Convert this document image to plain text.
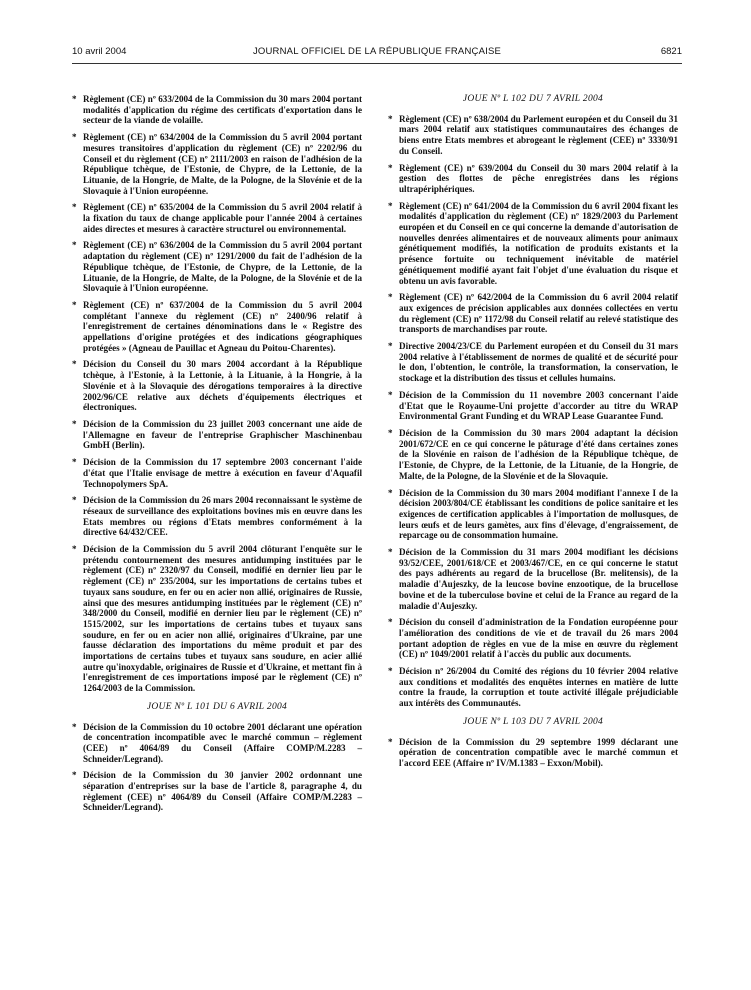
10 avril 2004	JOURNAL OFFICIEL DE LA RÉPUBLIQUE FRANÇAISE	6821
* Règlement (CE) nº 633/2004 de la Commission du 30 mars 2004 portant modalités d'application du régime des certificats d'exportation dans le secteur de la viande de volaille.
* Règlement (CE) nº 634/2004 de la Commission du 5 avril 2004 portant mesures transitoires d'application du règlement (CE) nº 2202/96 du Conseil et du règlement (CE) nº 2111/2003 en raison de l'adhésion de la République tchèque, de l'Estonie, de Chypre, de la Lettonie, de la Lituanie, de la Hongrie, de Malte, de la Pologne, de la Slovénie et de la Slovaquie à l'Union européenne.
* Règlement (CE) nº 635/2004 de la Commission du 5 avril 2004 relatif à la fixation du taux de change applicable pour l'année 2004 à certaines aides directes et mesures à caractère structurel ou environnemental.
* Règlement (CE) nº 636/2004 de la Commission du 5 avril 2004 portant adaptation du règlement (CE) nº 1291/2000 du fait de l'adhésion de la République tchèque, de l'Estonie, de Chypre, de la Lettonie, de la Lituanie, de la Hongrie, de Malte, de la Pologne, de la Slovénie et de la Slovaquie à l'Union européenne.
* Règlement (CE) nº 637/2004 de la Commission du 5 avril 2004 complétant l'annexe du règlement (CE) nº 2400/96 relatif à l'enregistrement de certaines dénominations dans le « Registre des appellations d'origine protégées et des indications géographiques protégées » (Agneau de Pauillac et Agneau du Poitou-Charentes).
* Décision du Conseil du 30 mars 2004 accordant à la République tchèque, à l'Estonie, à la Lettonie, à la Lituanie, à la Hongrie, à la Slovénie et à la Slovaquie des dérogations temporaires à la directive 2002/96/CE relative aux déchets d'équipements électriques et électroniques.
* Décision de la Commission du 23 juillet 2003 concernant une aide de l'Allemagne en faveur de l'entreprise Graphischer Maschinenbau GmbH (Berlin).
* Décision de la Commission du 17 septembre 2003 concernant l'aide d'état que l'Italie envisage de mettre à exécution en faveur d'Aquafil Technopolymers SpA.
* Décision de la Commission du 26 mars 2004 reconnaissant le système de réseaux de surveillance des exploitations bovines mis en œuvre dans les Etats membres ou régions d'Etats membres conformément à la directive 64/432/CEE.
* Décision de la Commission du 5 avril 2004 clôturant l'enquête sur le prétendu contournement des mesures antidumping instituées par le règlement (CE) nº 2320/97 du Conseil, modifié en dernier lieu par le règlement (CE) nº 235/2004, sur les importations de certains tubes et tuyaux sans soudure, en fer ou en acier non allié, originaires de Russie, ainsi que des mesures antidumping instituées par le règlement (CE) nº 348/2000 du Conseil, modifié en dernier lieu par le règlement (CE) nº 1515/2002, sur les importations de certains tubes et tuyaux sans soudure, en fer ou en acier non allié, originaires d'Ukraine, par une fausse déclaration des importations du même produit et par des importations de certains tubes et tuyaux sans soudure, en acier allié autre qu'inoxydable, originaires de Russie et d'Ukraine, et mettant fin à l'enregistrement de ces importations imposé par le règlement (CE) nº 1264/2003 de la Commission.
JOUE Nº L 101 DU 6 AVRIL 2004
* Décision de la Commission du 10 octobre 2001 déclarant une opération de concentration incompatible avec le marché commun – règlement (CEE) nº 4064/89 du Conseil (Affaire COMP/M.2283 – Schneider/Legrand).
* Décision de la Commission du 30 janvier 2002 ordonnant une séparation d'entreprises sur la base de l'article 8, paragraphe 4, du règlement (CEE) nº 4064/89 du Conseil (Affaire COMP/M.2283 – Schneider/Legrand).
JOUE Nº L 102 DU 7 AVRIL 2004
* Règlement (CE) nº 638/2004 du Parlement européen et du Conseil du 31 mars 2004 relatif aux statistiques communautaires des échanges de biens entre Etats membres et abrogeant le règlement (CEE) nº 3330/91 du Conseil.
* Règlement (CE) nº 639/2004 du Conseil du 30 mars 2004 relatif à la gestion des flottes de pêche enregistrées dans les régions ultrapériphériques.
* Règlement (CE) nº 641/2004 de la Commission du 6 avril 2004 fixant les modalités d'application du règlement (CE) nº 1829/2003 du Parlement européen et du Conseil en ce qui concerne la demande d'autorisation de nouvelles denrées alimentaires et de nouveaux aliments pour animaux génétiquement modifiés, la notification de produits existants et la présence fortuite ou techniquement inévitable de matériel génétiquement modifié ayant fait l'objet d'une évaluation du risque et obtenu un avis favorable.
* Règlement (CE) nº 642/2004 de la Commission du 6 avril 2004 relatif aux exigences de précision applicables aux données collectées en vertu du règlement (CE) nº 1172/98 du Conseil relatif au relevé statistique des transports de marchandises par route.
* Directive 2004/23/CE du Parlement européen et du Conseil du 31 mars 2004 relative à l'établissement de normes de qualité et de sécurité pour le don, l'obtention, le contrôle, la transformation, la conservation, le stockage et la distribution des tissus et cellules humains.
* Décision de la Commission du 11 novembre 2003 concernant l'aide d'Etat que le Royaume-Uni projette d'accorder au titre du WRAP Environmental Grant Funding et du WRAP Lease Guarantee Fund.
* Décision de la Commission du 30 mars 2004 adaptant la décision 2001/672/CE en ce qui concerne le pâturage d'été dans certaines zones de la Slovénie en raison de l'adhésion de la République tchèque, de l'Estonie, de Chypre, de la Lettonie, de la Lituanie, de la Hongrie, de Malte, de la Pologne, de la Slovénie et de la Slovaquie.
* Décision de la Commission du 30 mars 2004 modifiant l'annexe I de la décision 2003/804/CE établissant les conditions de police sanitaire et les exigences de certification applicables à l'importation de mollusques, de leurs œufs et de leurs gamètes, aux fins d'élevage, d'engraissement, de reparcage ou de consommation humaine.
* Décision de la Commission du 31 mars 2004 modifiant les décisions 93/52/CEE, 2001/618/CE et 2003/467/CE, en ce qui concerne le statut des pays adhérents au regard de la brucellose (Br. melitensis), de la maladie d'Aujeszky, de la leucose bovine enzootique, de la brucellose bovine et de la tuberculose bovine et celui de la France au regard de la maladie d'Aujeszky.
* Décision du conseil d'administration de la Fondation européenne pour l'amélioration des conditions de vie et de travail du 26 mars 2004 portant adoption de règles en vue de la mise en œuvre du règlement (CE) nº 1049/2001 relatif à l'accès du public aux documents.
* Décision nº 26/2004 du Comité des régions du 10 février 2004 relative aux conditions et modalités des enquêtes internes en matière de lutte contre la fraude, la corruption et toute activité illégale préjudiciable aux intérêts des Communautés.
JOUE Nº L 103 DU 7 AVRIL 2004
* Décision de la Commission du 29 septembre 1999 déclarant une opération de concentration compatible avec le marché commun et l'accord EEE (Affaire nº IV/M.1383 – Exxon/Mobil).
